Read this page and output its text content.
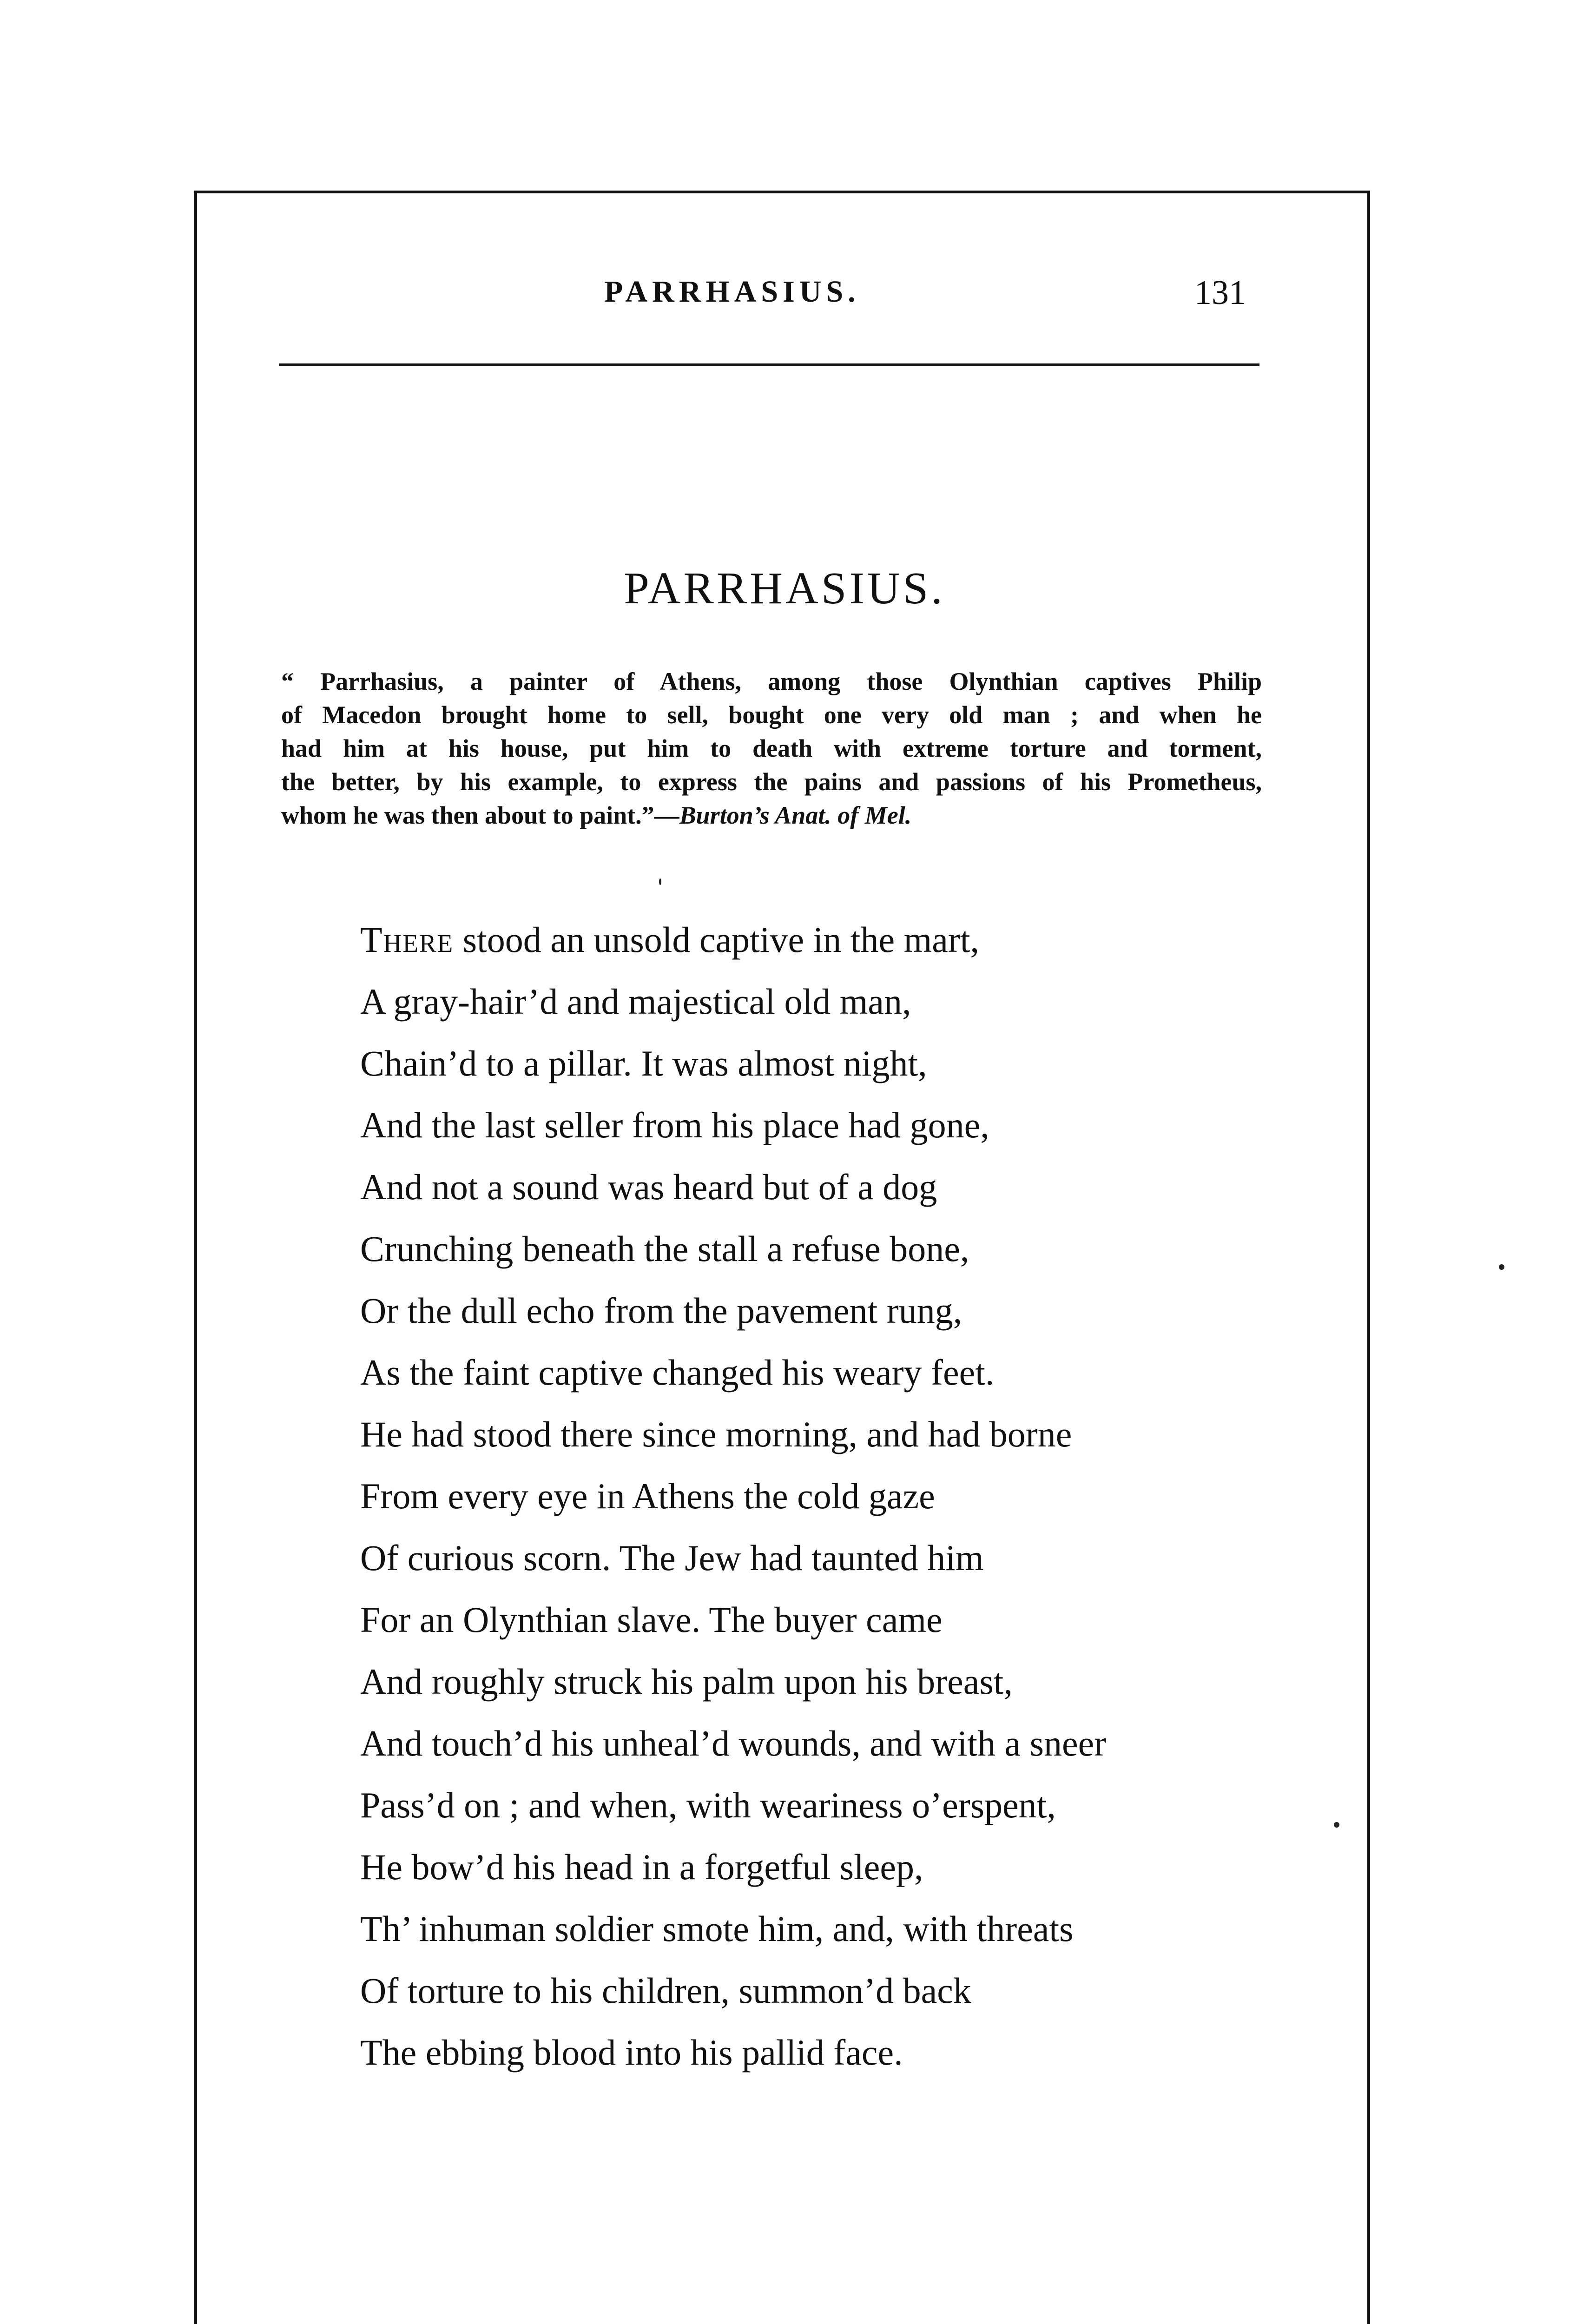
PARRHASIUS.	131
PARRHASIUS.
“ Parrhasius, a painter of Athens, among those Olynthian captives Philip
of Macedon brought home to sell, bought one very old man ; and when he
had him at his house, put him to death with extreme torture and torment,
the better, by his example, to express the pains and passions of his Prometheus,
whom he was then about to paint.”—Burton’s Anat. of Mel.
There stood an unsold captive in the mart,
A gray-hair’d and majestical old man,
Chain’d to a pillar. It was almost night,
And the last seller from his place had gone,
And not a sound was heard but of a dog
Crunching beneath the stall a refuse bone,
Or the dull echo from the pavement rung,
As the faint captive changed his weary feet.
He had stood there since morning, and had borne
From every eye in Athens the cold gaze
Of curious scorn. The Jew had taunted him
For an Olynthian slave. The buyer came
And roughly struck his palm upon his breast,
And touch’d his unheal’d wounds, and with a sneer
Pass’d on ; and when, with weariness o’erspent,
He bow’d his head in a forgetful sleep,
Th’ inhuman soldier smote him, and, with threats
Of torture to his children, summon’d back
The ebbing blood into his pallid face.
